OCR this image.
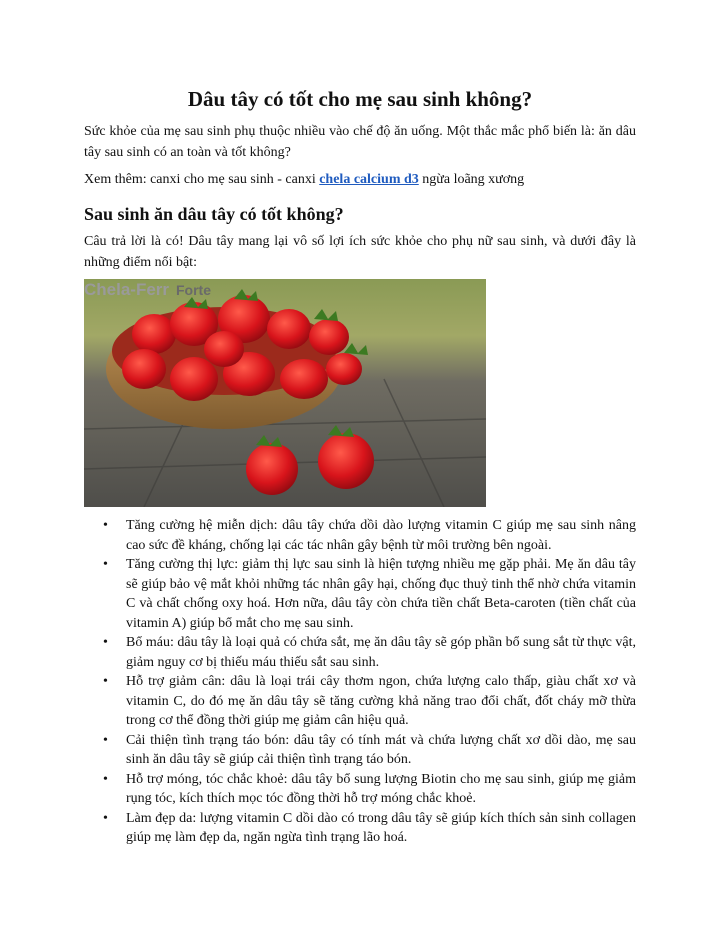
Dâu tây có tốt cho mẹ sau sinh không?

Sức khỏe của mẹ sau sinh phụ thuộc nhiều vào chế độ ăn uống. Một thắc mắc phổ biến là: ăn dâu tây sau sinh có an toàn và tốt không?

Xem thêm: canxi cho mẹ sau sinh - canxi chela calcium d3 ngừa loãng xương

Sau sinh ăn dâu tây có tốt không?

Câu trả lời là có! Dâu tây mang lại vô số lợi ích sức khỏe cho phụ nữ sau sinh, và dưới đây là những điểm nổi bật:

Chela-Ferr Forte
• Tăng cường hệ miễn dịch: dâu tây chứa dồi dào lượng vitamin C giúp mẹ sau sinh nâng cao sức đề kháng, chống lại các tác nhân gây bệnh từ môi trường bên ngoài.
• Tăng cường thị lực: giảm thị lực sau sinh là hiện tượng nhiều mẹ gặp phải. Mẹ ăn dâu tây sẽ giúp bảo vệ mắt khỏi những tác nhân gây hại, chống đục thuỷ tinh thể nhờ chứa vitamin C và chất chống oxy hoá. Hơn nữa, dâu tây còn chứa tiền chất Beta-caroten (tiền chất của vitamin A) giúp bổ mắt cho mẹ sau sinh.
• Bổ máu: dâu tây là loại quả có chứa sắt, mẹ ăn dâu tây sẽ góp phần bổ sung sắt từ thực vật, giảm nguy cơ bị thiếu máu thiếu sắt sau sinh.
• Hỗ trợ giảm cân: dâu là loại trái cây thơm ngon, chứa lượng calo thấp, giàu chất xơ và vitamin C, do đó mẹ ăn dâu tây sẽ tăng cường khả năng trao đổi chất, đốt cháy mỡ thừa trong cơ thể đồng thời giúp mẹ giảm cân hiệu quả.
• Cải thiện tình trạng táo bón: dâu tây có tính mát và chứa lượng chất xơ dồi dào, mẹ sau sinh ăn dâu tây sẽ giúp cải thiện tình trạng táo bón.
• Hỗ trợ móng, tóc chắc khoẻ: dâu tây bổ sung lượng Biotin cho mẹ sau sinh, giúp mẹ giảm rụng tóc, kích thích mọc tóc đồng thời hỗ trợ móng chắc khoẻ.
• Làm đẹp da: lượng vitamin C dồi dào có trong dâu tây sẽ giúp kích thích sản sinh collagen giúp mẹ làm đẹp da, ngăn ngừa tình trạng lão hoá.
